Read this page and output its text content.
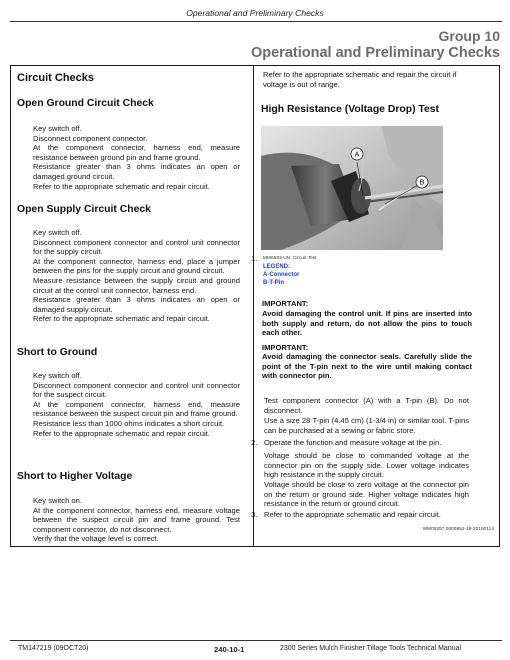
Operational and Preliminary Checks
Group 10
Operational and Preliminary Checks
Circuit Checks
Open Ground Circuit Check

Key switch off.

Disconnect component connector.

At the component connector, harness end, measure resistance between ground pin and frame ground.

Resistance greater than 3 ohms indicates an open or damaged ground circuit.

Refer to the appropriate schematic and repair circuit.

Open Supply Circuit Check

Key switch off.

Disconnect component connector and control unit connector for the supply circuit.

At the component connector, harness end, place a jumper between the pins for the supply circuit and ground circuit.

Measure resistance between the supply circuit and ground circuit at the control unit connector, harness end.

Resistance greater than 3 ohms indicates an open or damaged supply circuit.

Refer to the appropriate schematic and repair circuit.

Short to Ground

Key switch off.

Disconnect component connector and control unit connector for the suspect circuit.

At the component connector, harness end, measure resistance between the suspect circuit pin and frame ground.

Resistance less than 1000 ohms indicates a short circuit.

Refer to the appropriate schematic and repair circuit.

Short to Higher Voltage

Key switch on.

At the component connector, harness end, measure voltage between the suspect circuit pin and frame ground. Test component connector, do not disconnect.

Verify that the voltage level is correct.

Refer to the appropriate schematic and repair the circuit if voltage is out of range.
High Resistance (Voltage Drop) Test
A
B
1. MI66693-UN: Circuit Test
LEGEND:
A-Connector
B-T-Pin
IMPORTANT:
Avoid damaging the control unit. If pins are inserted into both supply and return, do not allow the pins to touch each other.
IMPORTANT:
Avoid damaging the connector seals. Carefully slide the point of the T-pin next to the wire until making contact with connector pin.
Test component connector (A) with a T-pin (B). Do not disconnect.
Use a size 28 T-pin (4.45 cm) (1-3/4 in) or similar tool. T-pins can be purchased at a sewing or fabric store.
2. Operate the function and measure voltage at the pin.
Voltage should be close to commanded voltage at the connector pin on the supply side. Lower voltage indicates high resistance in the supply circuit.
Voltage should be close to zero voltage at the connector pin on the return or ground side. Higher voltage indicates high resistance in the return or ground circuit.
3. Refer to the appropriate schematic and repair circuit.
WM09257,0000852-19-20190114
TM147219 (09OCT20)	240-10-1	2300 Series Mulch Finisher Tillage Tools Technical Manual
